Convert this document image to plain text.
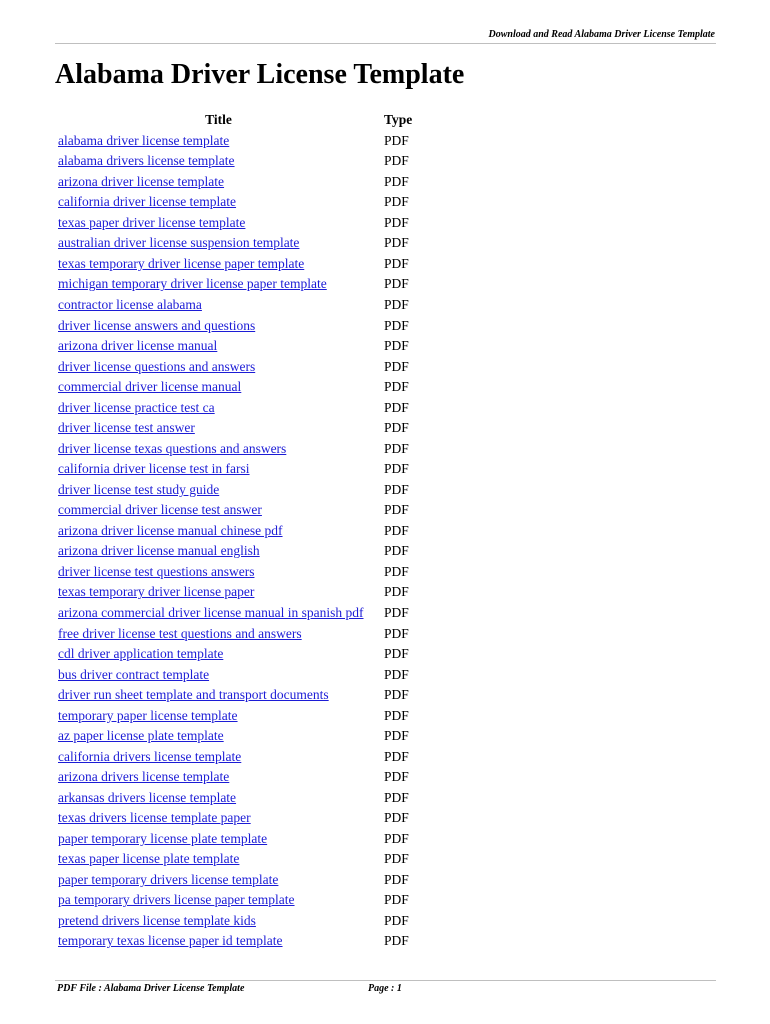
Download and Read Alabama Driver License Template
Alabama Driver License Template
Title	Type
alabama driver license template	PDF
alabama drivers license template	PDF
arizona driver license template	PDF
california driver license template	PDF
texas paper driver license template	PDF
australian driver license suspension template	PDF
texas temporary driver license paper template	PDF
michigan temporary driver license paper template	PDF
contractor license alabama	PDF
driver license answers and questions	PDF
arizona driver license manual	PDF
driver license questions and answers	PDF
commercial driver license manual	PDF
driver license practice test ca	PDF
driver license test answer	PDF
driver license texas questions and answers	PDF
california driver license test in farsi	PDF
driver license test study guide	PDF
commercial driver license test answer	PDF
arizona driver license manual chinese pdf	PDF
arizona driver license manual english	PDF
driver license test questions answers	PDF
texas temporary driver license paper	PDF
arizona commercial driver license manual in spanish pdf	PDF
free driver license test questions and answers	PDF
cdl driver application template	PDF
bus driver contract template	PDF
driver run sheet template and transport documents	PDF
temporary paper license template	PDF
az paper license plate template	PDF
california drivers license template	PDF
arizona drivers license template	PDF
arkansas drivers license template	PDF
texas drivers license template paper	PDF
paper temporary license plate template	PDF
texas paper license plate template	PDF
paper temporary drivers license template	PDF
pa temporary drivers license paper template	PDF
pretend drivers license template kids	PDF
temporary texas license paper id template	PDF
PDF File : Alabama Driver License Template	Page : 1
